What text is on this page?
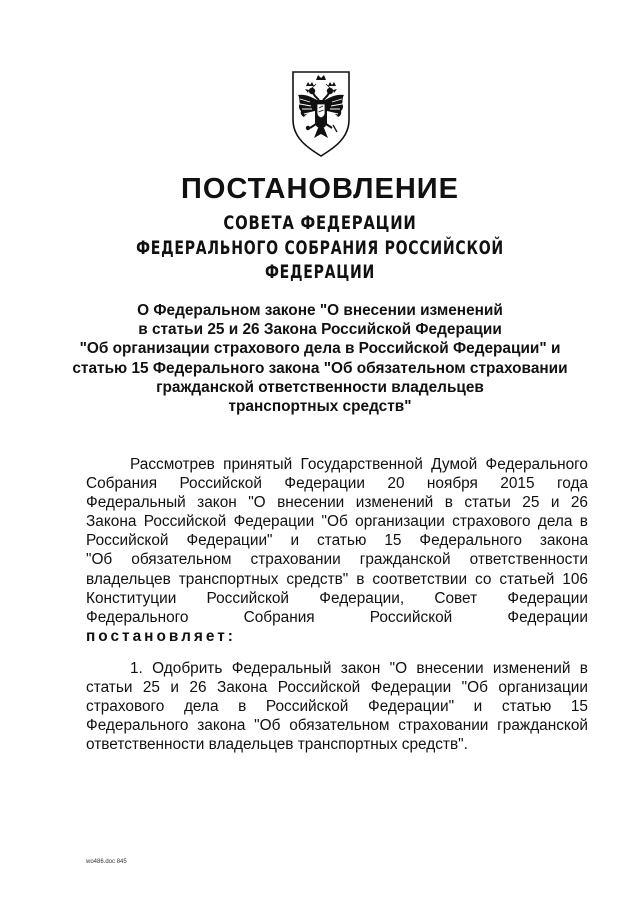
ПОСТАНОВЛЕНИЕ
СОВЕТА ФЕДЕРАЦИИ
ФЕДЕРАЛЬНОГО СОБРАНИЯ РОССИЙСКОЙ ФЕДЕРАЦИИ
О Федеральном законе "О внесении изменений
в статьи 25 и 26 Закона Российской Федерации
"Об организации страхового дела в Российской Федерации" и
статью 15 Федерального закона "Об обязательном страховании
гражданской ответственности владельцев
транспортных средств"
Рассмотрев принятый Государственной Думой Федерального
Собрания Российской Федерации 20 ноября 2015 года
Федеральный закон "О внесении изменений в статьи 25 и 26
Закона Российской Федерации "Об организации страхового дела в
Российской Федерации" и статью 15 Федерального закона
"Об обязательном страховании гражданской ответственности
владельцев транспортных средств" в соответствии со статьей 106
Конституции Российской Федерации, Совет Федерации
Федерального Собрания Российской Федерации
постановляет:
1. Одобрить Федеральный закон "О внесении изменений в
статьи 25 и 26 Закона Российской Федерации "Об организации
страхового дела в Российской Федерации" и статью 15
Федерального закона "Об обязательном страховании гражданской
ответственности владельцев транспортных средств".
wo486.doc 845
